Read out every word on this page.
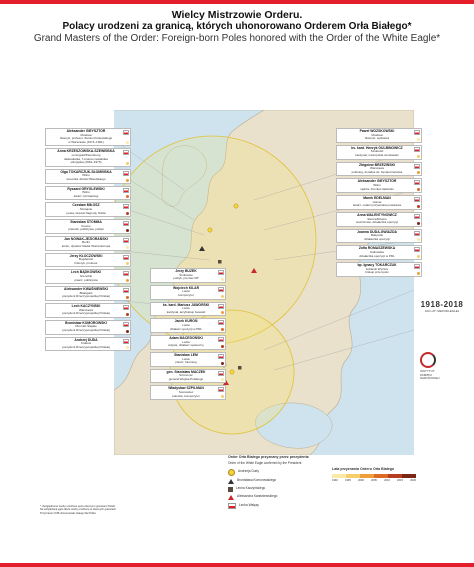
Wielcy Mistrzowie Orderu.
Polacy urodzeni za granicą, których uhonorowano Orderem Orła Białego*
Grand Masters of the Order: Foreign-born Poles honored with the Order of the White Eagle*
Aleksander GIEYSZTOR
Moskwa
historyk, profesor, Zamku Królewskiego
w Warszawie (1974–1991)
Anna KRZESZOWSKA-SZEWIŃSKA
Leningrad/Petersburg
lekkoatletka, 7-krotna medalistka
olimpijska (1964–1976)
Olga TOKARCZUK-SŁOMIŃSKA
Wilno
wnuczka Józefa Piłsudskiego
Ryszard GRYGLEWSKI
Wilno
lekarz, farmakolog
Czesław MIŁOSZ
Szetejnie
poeta, laureat Nagrody Nobla
Stanisław STOMMA
Kowno
prawnik, publicysta, polityk
Jan NOWAK-JEZIORAŃSKI
Berlin
kurier, dyrektor Radia Wolna Europa
Jerzy KŁOCZOWSKI
Bogdanów
historyk, profesor
Lech BĄDKOWSKI
Grenoble
pisarz, publicysta
Aleksander KWAŚNIEWSKI
Białogard
prezydent Rzeczypospolitej Polskiej
Lech KACZYŃSKI
Warszawa
prezydent Rzeczypospolitej Polskiej
Bronisław KOMOROWSKI
Oborniki Śląskie
prezydent Rzeczypospolitej Polskiej
Andrzej DUDA
Kraków
prezydent Rzeczypospolitej Polskiej
Paweł WOZSKOWSKI
Moskwa
historyk, wydawca
ks. kard. Henryk GULBINOWICZ
Szukiszki
kardynał, metropolita wrocławski
Zbigniew BRZEZIŃSKI
Warszawa
politolog, doradca ds. bezpieczeństwa
Aleksander GIEYSZTOR
Wilno
sędzia, Komitet Helsiński
Marek EDELMAN
Homel
lekarz, ostatni przywódca powstania
Anna WALENTYNOWICZ
Sienne/Równe
suwnicowa, działaczka opozycji
Joanna DUDA-GWIAZDA
Białystok
działaczka opozycji
Zofia ROMASZEWSKA
Kalinówka
działaczka opozycji w PRL
bp. Ignacy TOKARCZUK
Łubianki Wyższe
biskup przemyski
Jerzy BUZEK
Śmiłowice
polityk, premier RP
Wojciech KILAR
Lwów
kompozytor
ks. kard. Mariusz JAWORSKI
Lwów
kardynał, arcybiskup lwowski
Jacek KUROŃ
Lwów
działacz opozycji w PRL
Adam MACEDOŃSKI
Lwów
artysta, działacz społeczny
Stanisław LEM
Lwów
pisarz, futurolog
gen. Stanisław MACZEK
Szczerzec
generał Wojska Polskiego
Władysław SZPILMAN
Sosnowiec
pianista, kompozytor
1918-2018
100 LAT NIEPODLEGŁEJ
INSTYTUT
PAMIĘCI
NARODOWEJ
Order Orła Białego przyznany przez prezydenta
Order of the White Eagle conferred by the President
Andrzeja Dudy
Bronisława Komorowskiego
Lecha Kaczyńskiego
Aleksandra Kwaśniewskiego
Lecha Wałęsy
Lata przyznania Orderu Orła Białego
1992	1995	2000	2005	2010	2015	2020
* Uwzględniono osoby urodzone poza obecnymi granicami Polski.
Na wizualizacji ujęto także osoby urodzone w obecnych granicach.
Przyznanie OOB uhonorowało zasługi dla Polski.
